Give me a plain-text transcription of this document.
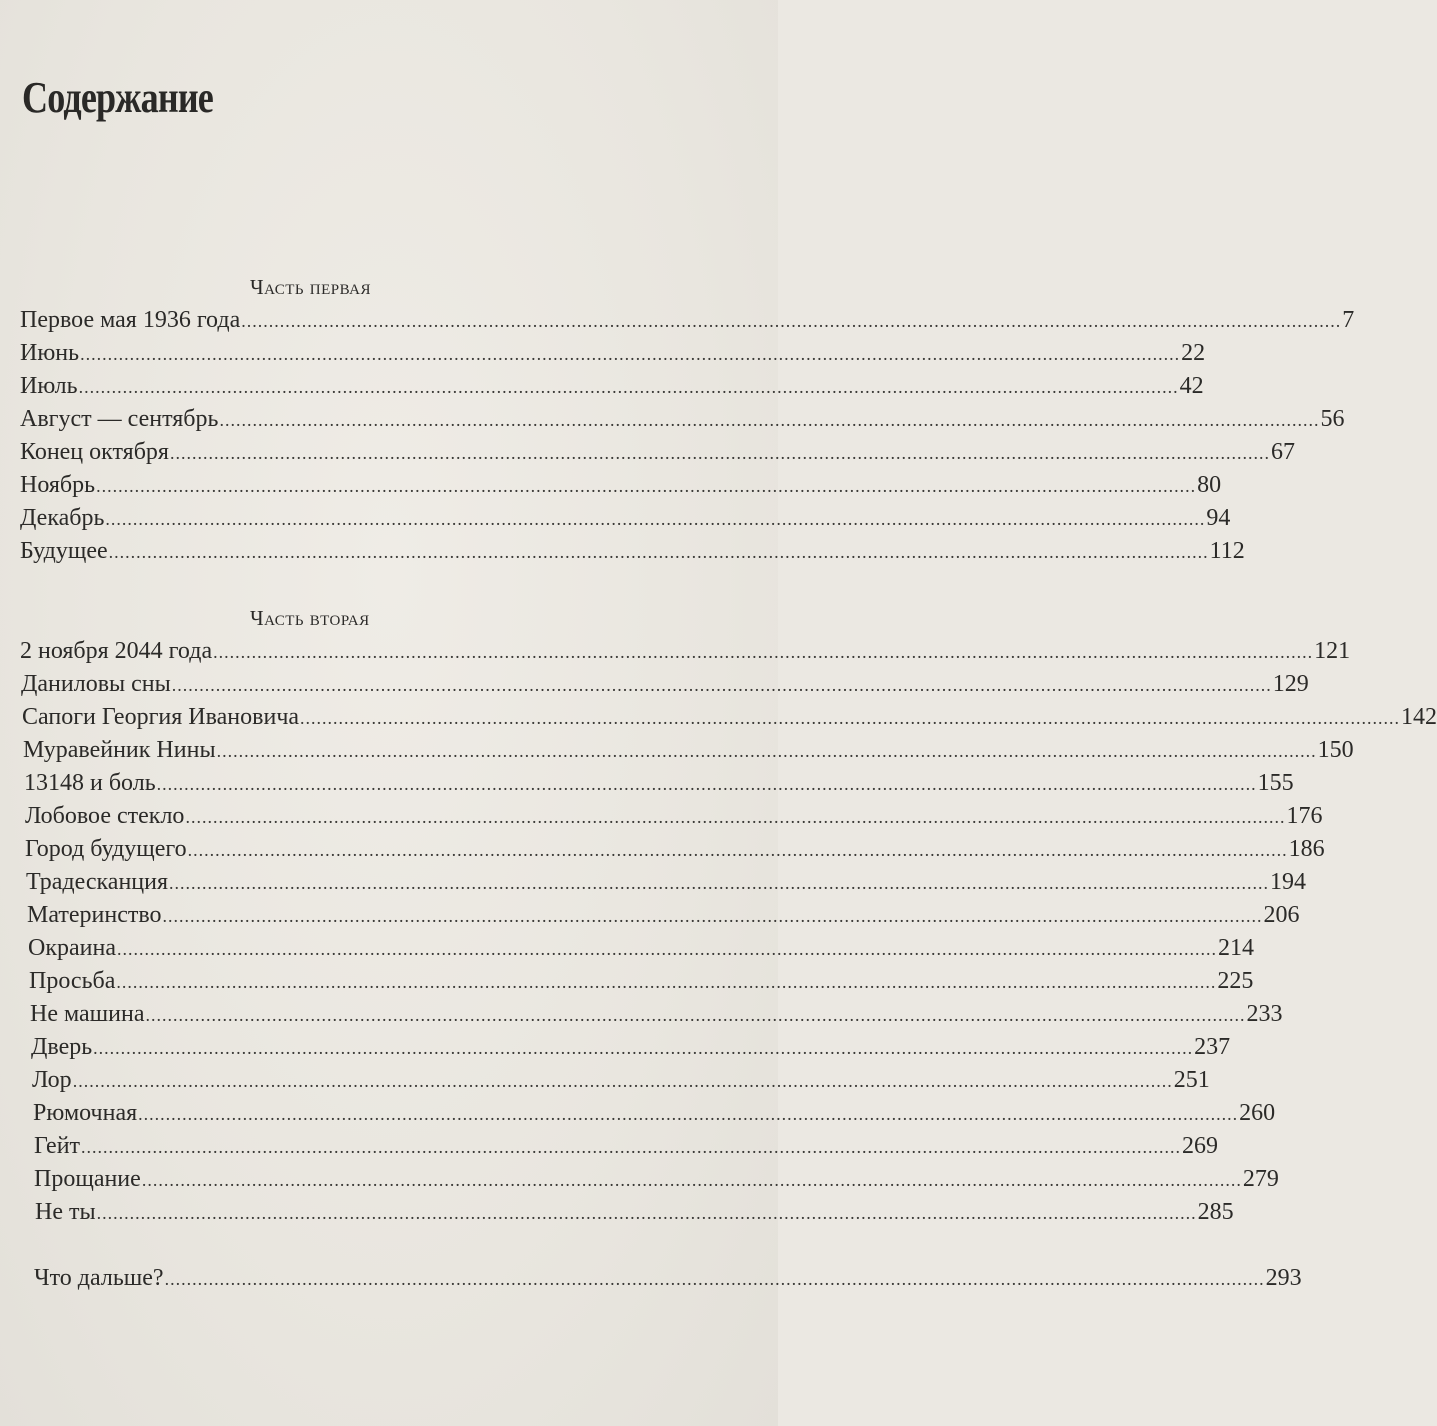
Содержание
Часть первая
Первое мая 1936 года ........................................................................................................................................................................................................ 7
Июнь ........................................................................................................................................................................................................ 22
Июль ........................................................................................................................................................................................................ 42
Август — сентябрь ........................................................................................................................................................................................................ 56
Конец октября ........................................................................................................................................................................................................ 67
Ноябрь ........................................................................................................................................................................................................ 80
Декабрь ........................................................................................................................................................................................................ 94
Будущее ........................................................................................................................................................................................................ 112
Часть вторая
2 ноября 2044 года ........................................................................................................................................................................................................ 121
Даниловы сны ........................................................................................................................................................................................................ 129
Сапоги Георгия Ивановича ........................................................................................................................................................................................................ 142
Муравейник Нины ........................................................................................................................................................................................................ 150
13148 и боль ........................................................................................................................................................................................................ 155
Лобовое стекло ........................................................................................................................................................................................................ 176
Город будущего ........................................................................................................................................................................................................ 186
Традесканция ........................................................................................................................................................................................................ 194
Материнство ........................................................................................................................................................................................................ 206
Окраина ........................................................................................................................................................................................................ 214
Просьба ........................................................................................................................................................................................................ 225
Не машина ........................................................................................................................................................................................................ 233
Дверь ........................................................................................................................................................................................................ 237
Лор ........................................................................................................................................................................................................ 251
Рюмочная ........................................................................................................................................................................................................ 260
Гейт ........................................................................................................................................................................................................ 269
Прощание ........................................................................................................................................................................................................ 279
Не ты ........................................................................................................................................................................................................ 285
Что дальше? ........................................................................................................................................................................................................ 293
